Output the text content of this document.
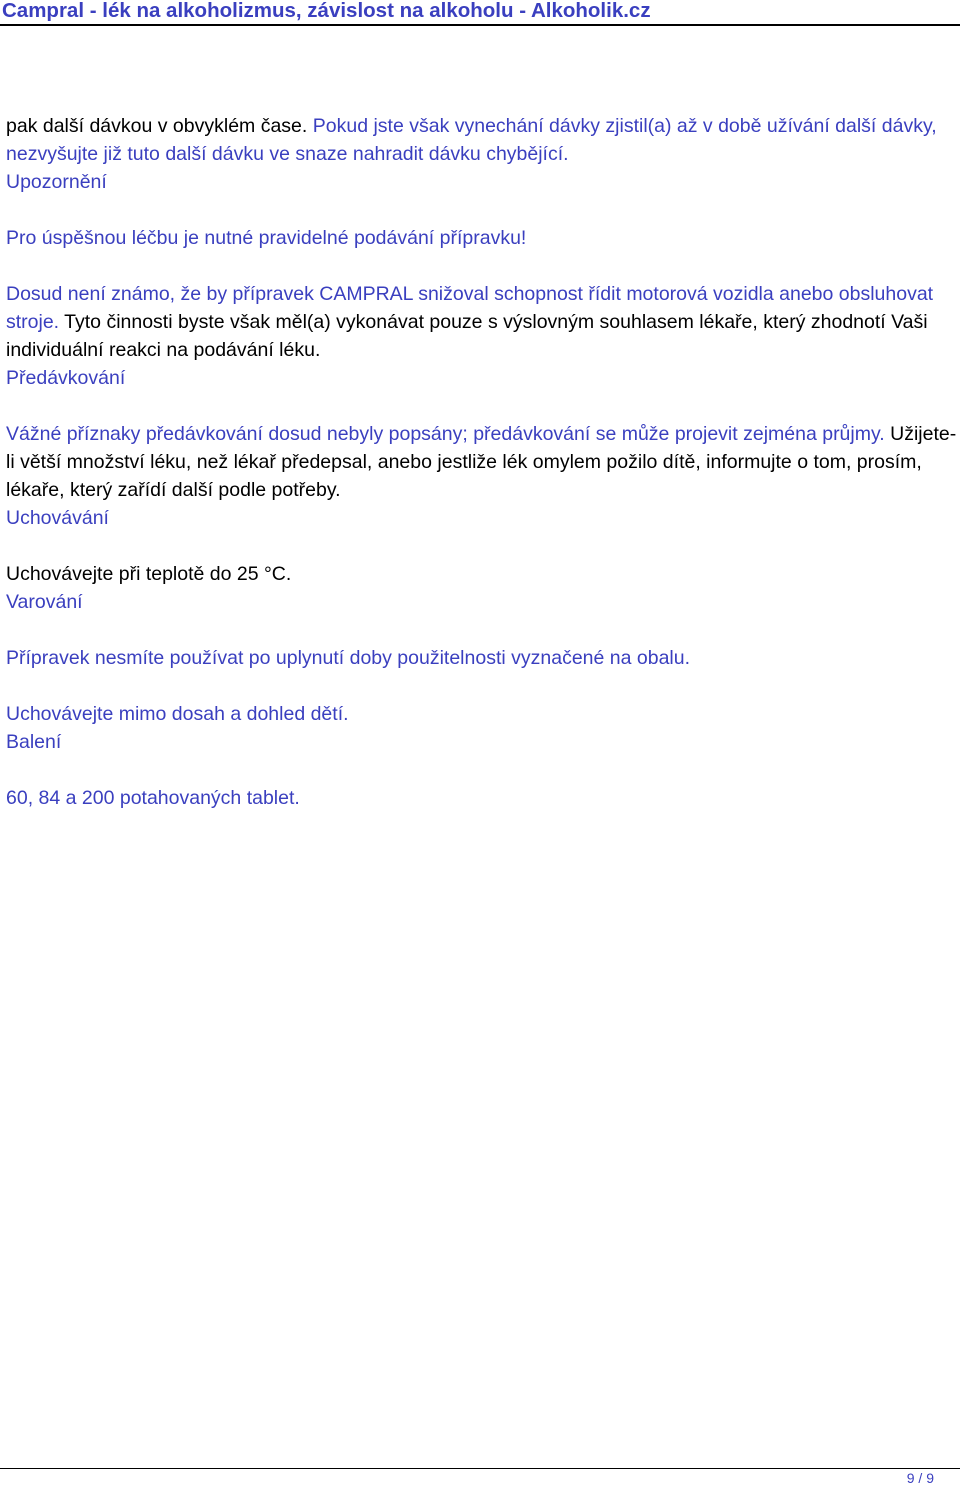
Campral - lék na alkoholizmus, závislost na alkoholu - Alkoholik.cz

pak další dávkou v obvyklém čase. Pokud jste však vynechání dávky zjistil(a) až v době užívání další dávky, nezvyšujte již tuto další dávku ve snaze nahradit dávku chybějící.

Upozornění

Pro úspěšnou léčbu je nutné pravidelné podávání přípravku!

Dosud není známo, že by přípravek CAMPRAL snižoval schopnost řídit motorová vozidla anebo obsluhovat stroje. Tyto činnosti byste však měl(a) vykonávat pouze s výslovným souhlasem lékaře, který zhodnotí Vaši individuální reakci na podávání léku.

Předávkování

Vážné příznaky předávkování dosud nebyly popsány; předávkování se může projevit zejména průjmy. Užijete-li větší množství léku, než lékař předepsal, anebo jestliže lék omylem požilo dítě, informujte o tom, prosím, lékaře, který zařídí další podle potřeby.

Uchovávání

Uchovávejte při teplotě do 25 °C.

Varování

Přípravek nesmíte používat po uplynutí doby použitelnosti vyznačené na obalu.

Uchovávejte mimo dosah a dohled dětí.

Balení

60, 84 a 200 potahovaných tablet.

9 / 9
